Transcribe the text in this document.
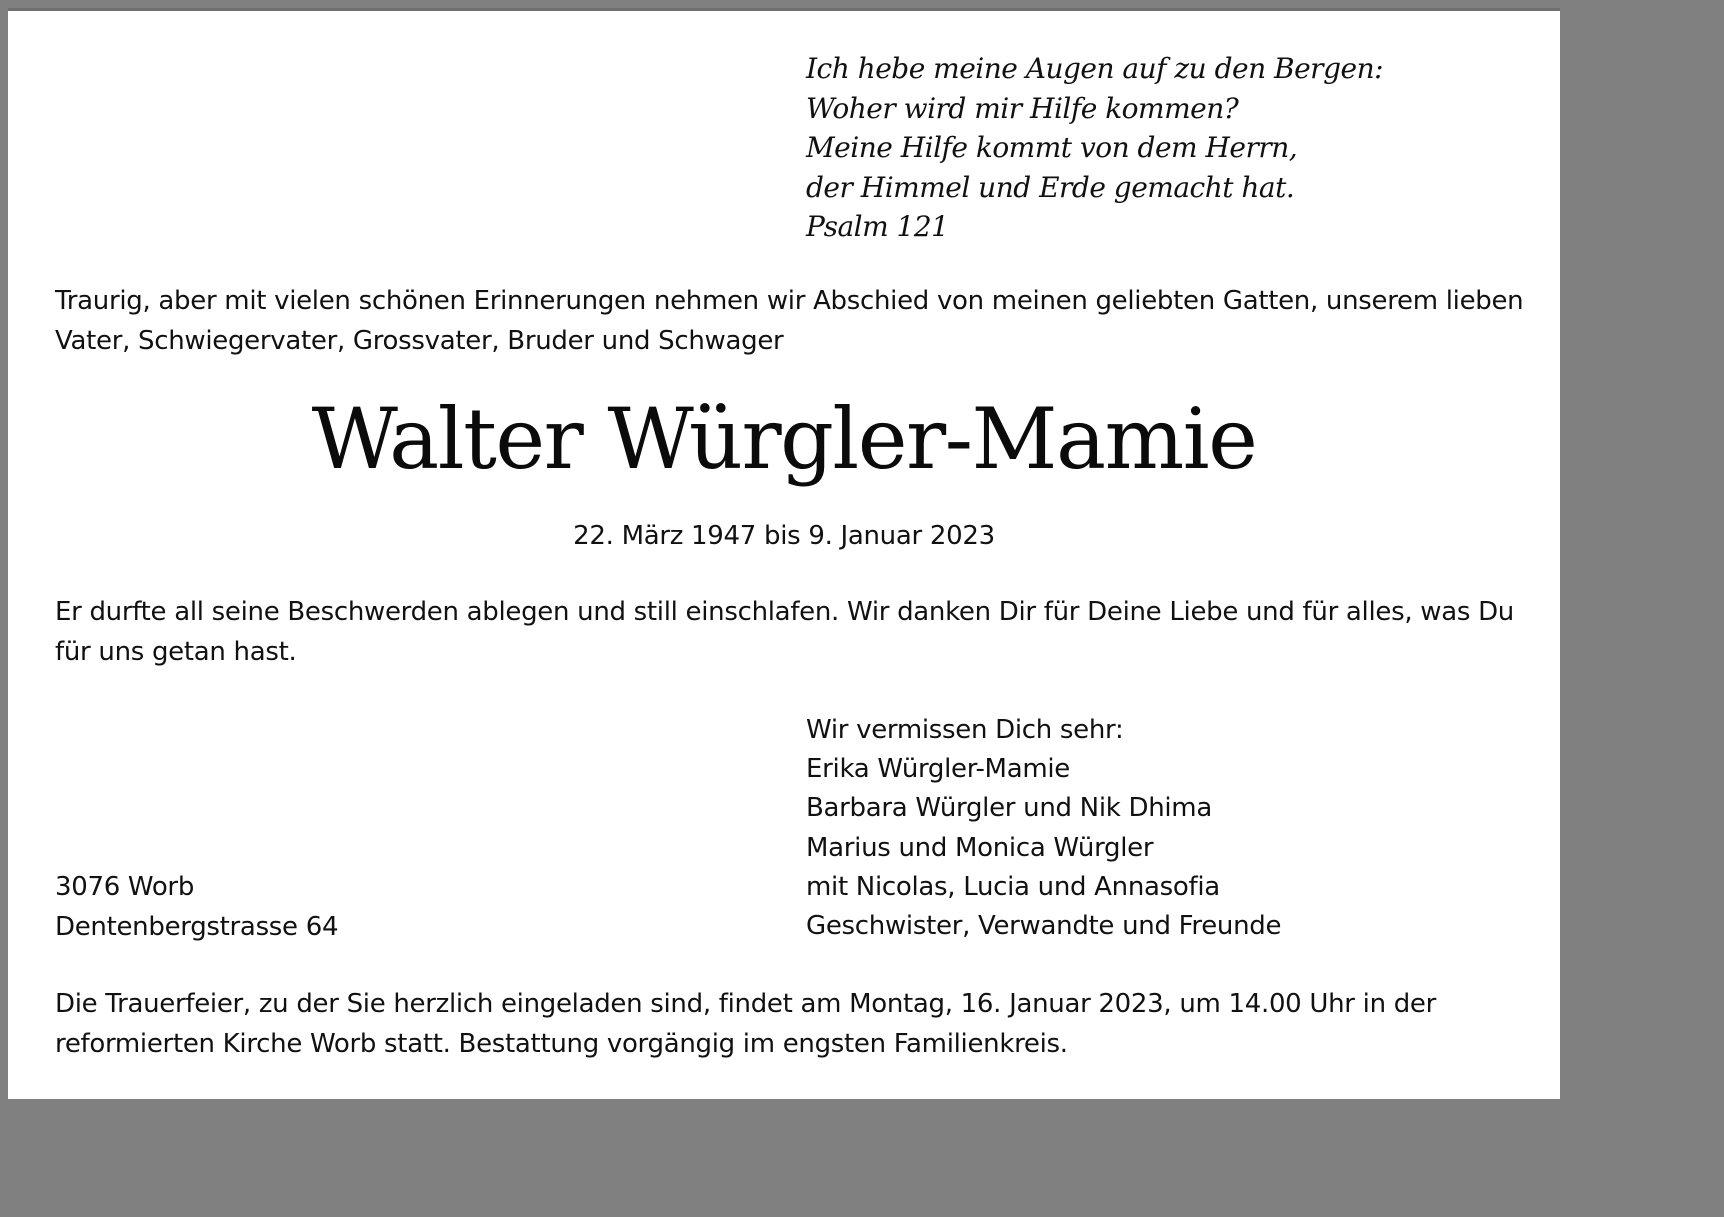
Ich hebe meine Augen auf zu den Bergen:
Woher wird mir Hilfe kommen?
Meine Hilfe kommt von dem Herrn,
der Himmel und Erde gemacht hat.
Psalm 121
Traurig, aber mit vielen schönen Erinnerungen nehmen wir Abschied von meinen geliebten Gatten, unserem lieben Vater, Schwiegervater, Grossvater, Bruder und Schwager
Walter Würgler-Mamie
22. März 1947 bis 9. Januar 2023
Er durfte all seine Beschwerden ablegen und still einschlafen. Wir danken Dir für Deine Liebe und für alles, was Du für uns getan hast.
Wir vermissen Dich sehr:
Erika Würgler-Mamie
Barbara Würgler und Nik Dhima
Marius und Monica Würgler
mit Nicolas, Lucia und Annasofia
Geschwister, Verwandte und Freunde
3076 Worb
Dentenbergstrasse 64
Die Trauerfeier, zu der Sie herzlich eingeladen sind, findet am Montag, 16. Januar 2023, um 14.00 Uhr in der reformierten Kirche Worb statt. Bestattung vorgängig im engsten Familienkreis.
